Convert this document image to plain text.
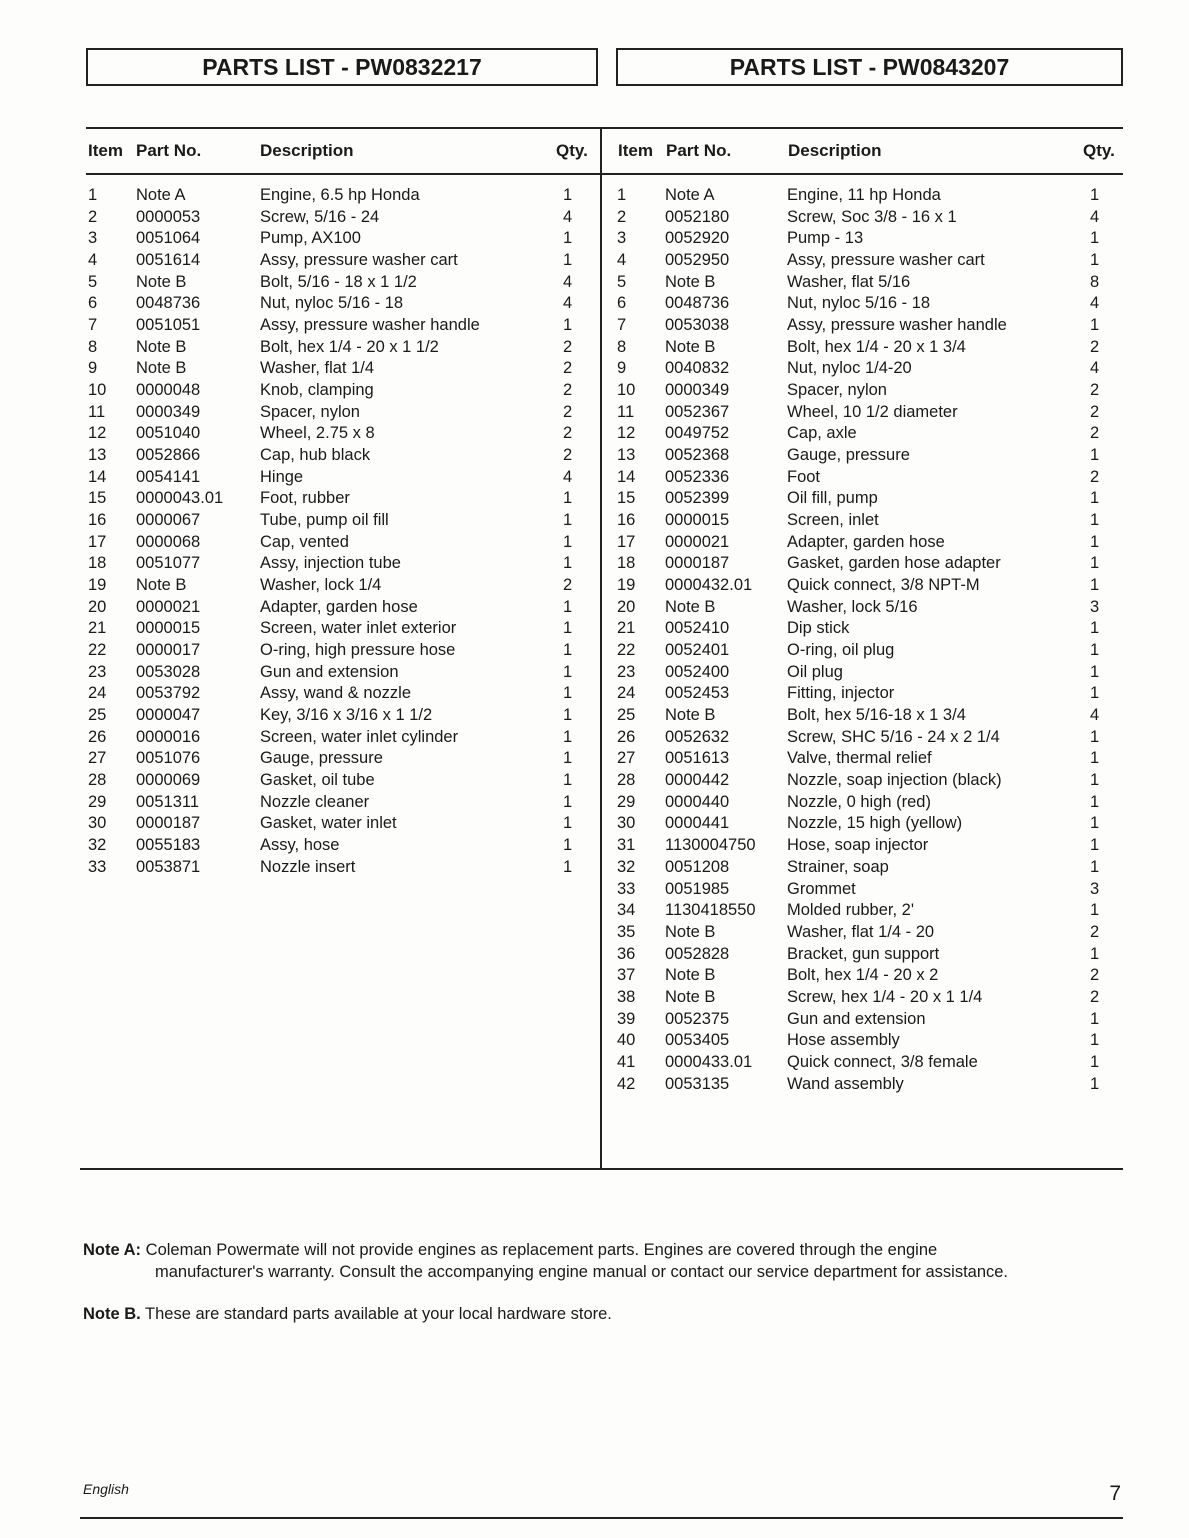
PARTS LIST - PW0832217	PARTS LIST - PW0843207
Item Part No.	Description	Qty. Item Part No.	Description	Qty.
1 Note A	Engine, 6.5 hp Honda	1
2 0000053	Screw, 5/16 - 24	4
3 0051064	Pump, AX100	1
4 0051614	Assy, pressure washer cart	1
5 Note B	Bolt, 5/16 - 18 x 1 1/2	4
6 0048736	Nut, nyloc 5/16 - 18	4
7 0051051	Assy, pressure washer handle	1
8 Note B	Bolt, hex 1/4 - 20 x 1 1/2	2
9 Note B	Washer, flat 1/4	2
10 0000048	Knob, clamping	2
11 0000349	Spacer, nylon	2
12 0051040	Wheel, 2.75 x 8	2
13 0052866	Cap, hub black	2
14 0054141	Hinge	4
15 0000043.01 Foot, rubber	1
16 0000067	Tube, pump oil fill	1
17 0000068	Cap, vented	1
18 0051077	Assy, injection tube	1
19 Note B	Washer, lock 1/4	2
20 0000021	Adapter, garden hose	1
21 0000015	Screen, water inlet exterior	1
22 0000017	O-ring, high pressure hose	1
23 0053028	Gun and extension	1
24 0053792	Assy, wand & nozzle	1
25 0000047	Key, 3/16 x 3/16 x 1 1/2	1
26 0000016	Screen, water inlet cylinder	1
27 0051076	Gauge, pressure	1
28 0000069	Gasket, oil tube	1
29 0051311	Nozzle cleaner	1
30 0000187	Gasket, water inlet	1
32 0055183	Assy, hose	1
33 0053871	Nozzle insert	1
1 Note A	Engine, 11 hp Honda	1
2 0052180	Screw, Soc 3/8 - 16 x 1	4
3 0052920	Pump - 13	1
4 0052950	Assy, pressure washer cart	1
5 Note B	Washer, flat 5/16	8
6 0048736	Nut, nyloc 5/16 - 18	4
7 0053038	Assy, pressure washer handle	1
8 Note B	Bolt, hex 1/4 - 20 x 1 3/4	2
9 0040832	Nut, nyloc 1/4-20	4
10 0000349	Spacer, nylon	2
11 0052367	Wheel, 10 1/2 diameter	2
12 0049752	Cap, axle	2
13 0052368	Gauge, pressure	1
14 0052336	Foot	2
15 0052399	Oil fill, pump	1
16 0000015	Screen, inlet	1
17 0000021	Adapter, garden hose	1
18 0000187	Gasket, garden hose adapter	1
19 0000432.01 Quick connect, 3/8 NPT-M	1
20 Note B	Washer, lock 5/16	3
21 0052410	Dip stick	1
22 0052401	O-ring, oil plug	1
23 0052400	Oil plug	1
24 0052453	Fitting, injector	1
25 Note B	Bolt, hex 5/16-18 x 1 3/4	4
26 0052632	Screw, SHC 5/16 - 24 x 2 1/4	1
27 0051613	Valve, thermal relief	1
28 0000442	Nozzle, soap injection (black)	1
29 0000440	Nozzle, 0 high (red)	1
30 0000441	Nozzle, 15 high (yellow)	1
31 1130004750 Hose, soap injector	1
32 0051208	Strainer, soap	1
33 0051985	Grommet	3
34 1130418550 Molded rubber, 2'	1
35 Note B	Washer, flat 1/4 - 20	2
36 0052828	Bracket, gun support	1
37 Note B	Bolt, hex 1/4 - 20 x 2	2
38 Note B	Screw, hex 1/4 - 20 x 1 1/4	2
39 0052375	Gun and extension	1
40 0053405	Hose assembly	1
41 0000433.01 Quick connect, 3/8 female	1
42 0053135	Wand assembly	1
Note A: Coleman Powermate will not provide engines as replacement parts. Engines are covered through the engine
manufacturer's warranty. Consult the accompanying engine manual or contact our service department for assistance.
Note B. These are standard parts available at your local hardware store.
English	7
